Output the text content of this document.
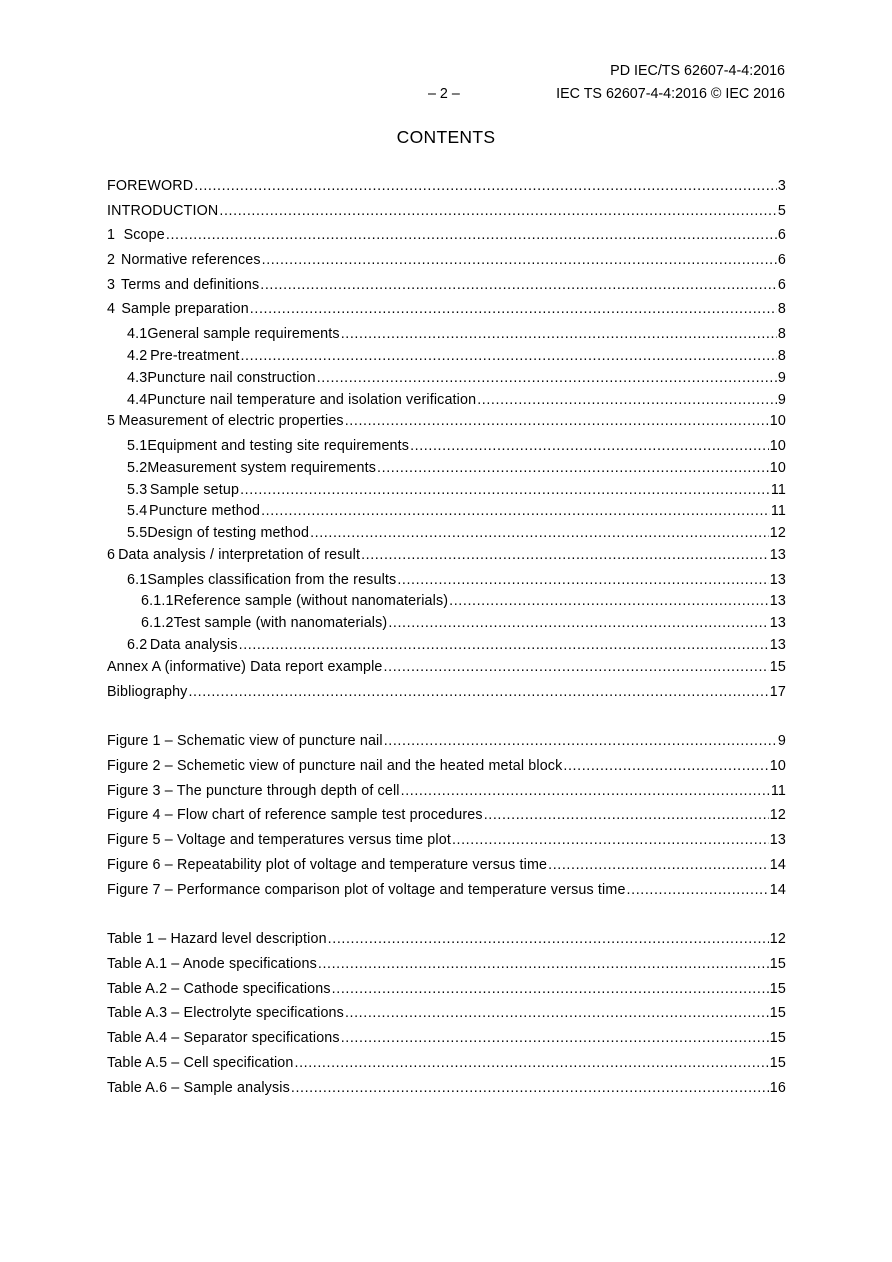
PD IEC/TS 62607-4-4:2016
– 2 –	IEC TS 62607-4-4:2016 © IEC 2016
CONTENTS
FOREWORD .....	3
INTRODUCTION .....	5
1 Scope .....	6
2 Normative references .....	6
3 Terms and definitions .....	6
4 Sample preparation .....	8
4.1 General sample requirements .....	8
4.2 Pre-treatment .....	8
4.3 Puncture nail construction .....	9
4.4 Puncture nail temperature and isolation verification .....	9
5 Measurement of electric properties .....	10
5.1 Equipment and testing site requirements .....	10
5.2 Measurement system requirements .....	10
5.3 Sample setup .....	11
5.4 Puncture method .....	11
5.5 Design of testing method .....	12
6 Data analysis / interpretation of result .....	13
6.1 Samples classification from the results .....	13
6.1.1 Reference sample (without nanomaterials) .....	13
6.1.2 Test sample (with nanomaterials) .....	13
6.2 Data analysis .....	13
Annex A (informative) Data report example .....	15
Bibliography .....	17
Figure 1 – Schematic view of puncture nail .....	9
Figure 2 – Schemetic view of puncture nail and the heated metal block .....	10
Figure 3 – The puncture through depth of cell .....	11
Figure 4 – Flow chart of reference sample test procedures .....	12
Figure 5 – Voltage and temperatures versus time plot .....	13
Figure 6 – Repeatability plot of voltage and temperature versus time .....	14
Figure 7 – Performance comparison plot of voltage and temperature versus time .....	14
Table 1 – Hazard level description .....	12
Table A.1 – Anode specifications .....	15
Table A.2 – Cathode specifications .....	15
Table A.3 – Electrolyte specifications .....	15
Table A.4 – Separator specifications .....	15
Table A.5 – Cell specification .....	15
Table A.6 – Sample analysis .....	16
